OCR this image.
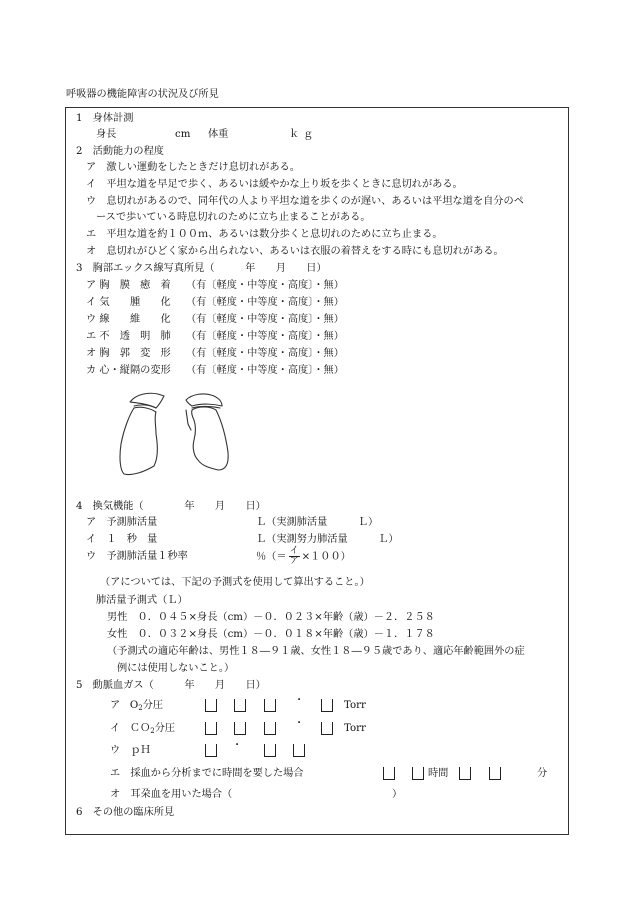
呼吸器の機能障害の状況及び所見
1　身体計測
身長	cm 体重	ｋｇ
2　活動能力の程度
ア　激しい運動をしたときだけ息切れがある。
イ　平坦な道を早足で歩く、あるいは緩やかな上り坂を歩くときに息切れがある。
ウ　息切れがあるので、同年代の人より平坦な道を歩くのが遅い、あるいは平坦な道を自分のペ
ースで歩いている時息切れのために立ち止まることがある。
エ　平坦な道を約１００ｍ、あるいは数分歩くと息切れのために立ち止まる。
オ　息切れがひどく家から出られない、あるいは衣服の着替えをする時にも息切れがある。
3　胸部エックス線写真所見（　　　年　　月　　日）
ア 胸　膜　癒　着 （有〔軽度・中等度・高度〕・無）
イ 気　　腫　　化 （有〔軽度・中等度・高度〕・無）
ウ 線　　維　　化 （有〔軽度・中等度・高度〕・無）
エ 不　透　明　肺 （有〔軽度・中等度・高度〕・無）
オ 胸　郭　変　形 （有〔軽度・中等度・高度〕・無）
カ 心・縦隔の変形 （有〔軽度・中等度・高度〕・無）
4　換気機能（　　　　年　　月　　日）
ア　予測肺活量	Ｌ（実測肺活量　　　Ｌ）
イ　１　秒　量	Ｌ（実測努力肺活量　　　Ｌ）
ウ　予測肺活量１秒率	％（＝ $\frac{\text{イ}}{\text{ア}} \times 100$）
（アについては、下記の予測式を使用して算出すること。）
肺活量予測式（Ｌ）
男性　０．０４５×身長（cm）－０．０２３×年齢（歳）－２．２５８
女性　０．０３２×身長（cm）－０．０１８×年齢（歳）－１．１７８
（予測式の適応年齢は、男性１８―９１歳、女性１８―９５歳であり、適応年齢範囲外の症
例には使用しないこと。）
5　動脈血ガス（　　　年　　月　　日）
ア $O_2$分圧	・	Torr
イ ＣＯ$_2$分圧	・	Torr
ウ　ｐＨ	・
エ　採血から分析までに時間を要した場合	時間	分
オ　耳朶血を用いた場合（	）
6　その他の臨床所見
